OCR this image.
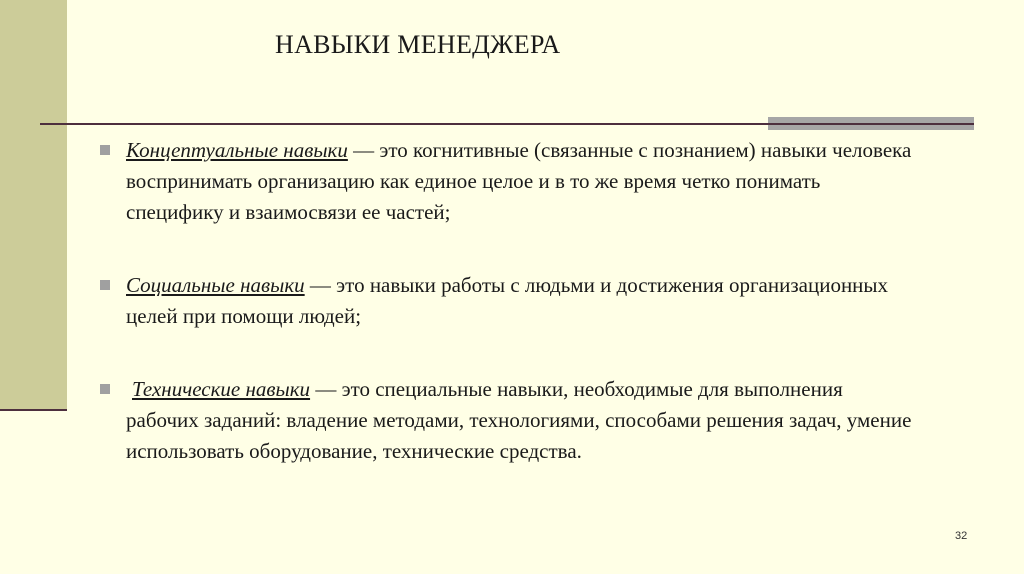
НАВЫКИ МЕНЕДЖЕРА
Концептуальные навыки — это когнитивные (связанные с познанием) навыки человека воспринимать организацию как единое целое и в то же время четко понимать специфику и взаимосвязи ее частей;
Социальные навыки — это навыки работы с людьми и достижения организационных целей при помощи людей;
Технические навыки — это специальные навыки, необходимые для выполнения рабочих заданий: владение методами, технологиями, способами решения задач, умение использовать оборудование, технические средства.
32
